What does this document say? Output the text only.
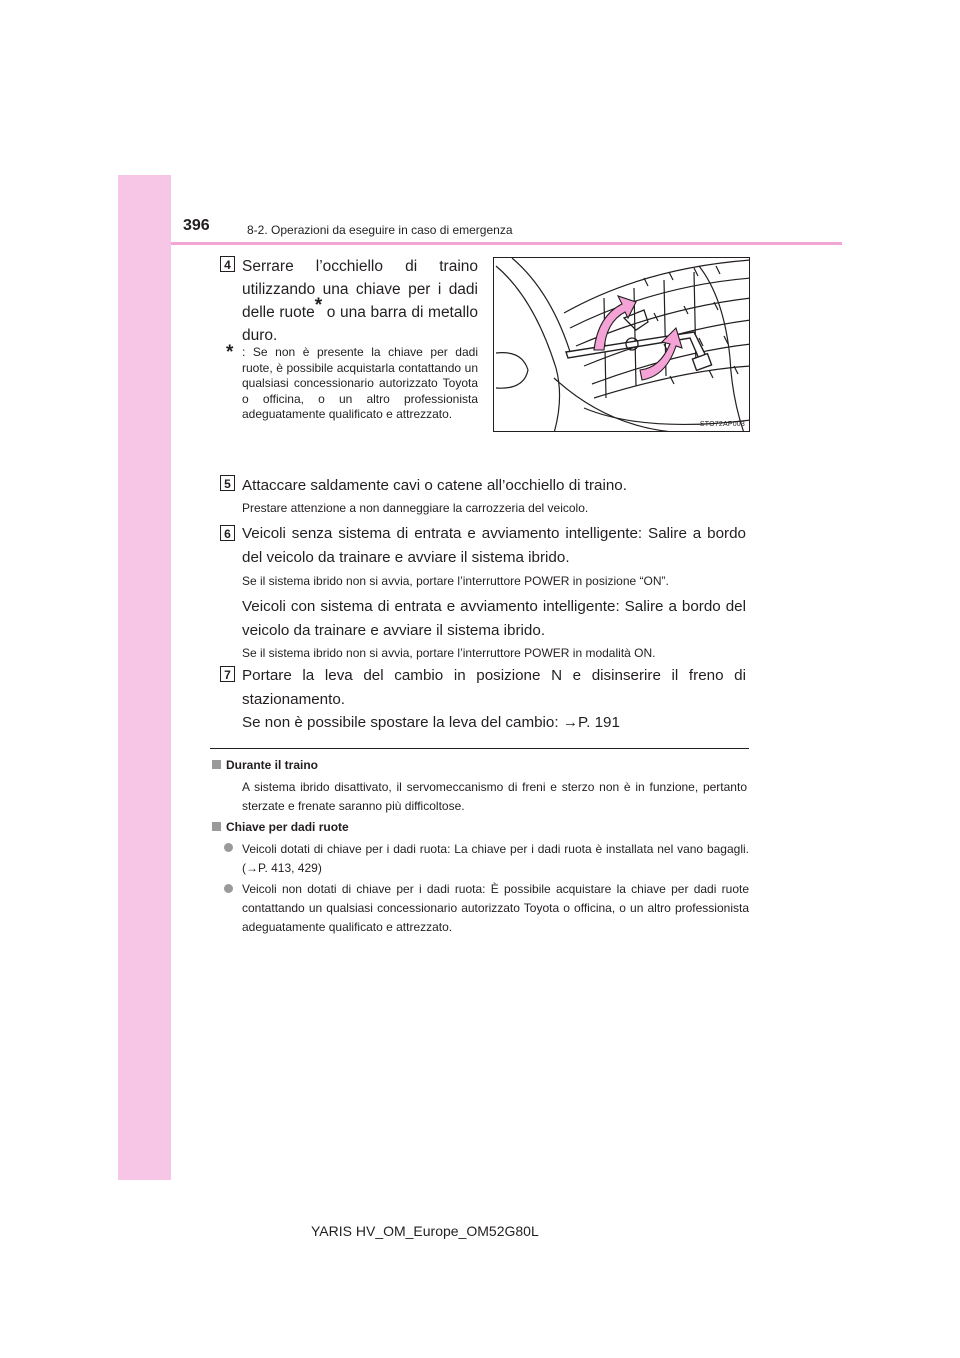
396	8-2. Operazioni da eseguire in caso di emergenza
4 Serrare l’occhiello di traino utilizzando una chiave per i dadi delle ruote* o una barra di metallo duro.
* : Se non è presente la chiave per dadi ruote, è possibile acquistarla contattando un qualsiasi concessionario autorizzato Toyota o officina, o un altro professionista adeguatamente qualificato e attrezzato.
STO72AP003
5 Attaccare saldamente cavi o catene all’occhiello di traino.
Prestare attenzione a non danneggiare la carrozzeria del veicolo.
6 Veicoli senza sistema di entrata e avviamento intelligente: Salire a bordo del veicolo da trainare e avviare il sistema ibrido.
Se il sistema ibrido non si avvia, portare l’interruttore POWER in posizione “ON”.
Veicoli con sistema di entrata e avviamento intelligente: Salire a bordo del veicolo da trainare e avviare il sistema ibrido.
Se il sistema ibrido non si avvia, portare l’interruttore POWER in modalità ON.
7 Portare la leva del cambio in posizione N e disinserire il freno di stazionamento.
Se non è possibile spostare la leva del cambio: →P. 191
Durante il traino
A sistema ibrido disattivato, il servomeccanismo di freni e sterzo non è in funzione, pertanto sterzate e frenate saranno più difficoltose.
Chiave per dadi ruote
Veicoli dotati di chiave per i dadi ruota: La chiave per i dadi ruota è installata nel vano bagagli. (→P. 413, 429)
Veicoli non dotati di chiave per i dadi ruota: È possibile acquistare la chiave per dadi ruote contattando un qualsiasi concessionario autorizzato Toyota o officina, o un altro professionista adeguatamente qualificato e attrezzato.
YARIS HV_OM_Europe_OM52G80L
